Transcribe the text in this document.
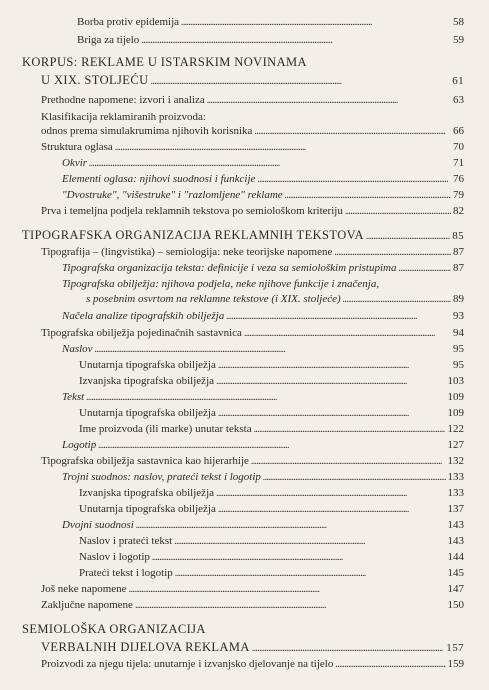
Borba protiv epidemija . . .	58
Briga za tijelo . . .	59
KORPUS: REKLAME U ISTARSKIM NOVINAMA
U XIX. STOLJEĆU . . .	61
Prethodne napomene: izvori i analiza . . .	63
Klasifikacija reklamiranih proizvoda:
odnos prema simulakrumima njihovih korisnika . . .	66
Struktura oglasa . . .	70
Okvir . . .	71
Elementi oglasa: njihovi suodnosi i funkcije . . .	76
"Dvostruke", "višestruke" i "razlomljene" reklame . . .	79
Prva i temeljna podjela reklamnih tekstova po semiološkom kriteriju . . .	82
TIPOGRAFSKA ORGANIZACIJA REKLAMNIH TEKSTOVA . . .	85
Tipografija – (lingvistika) – semiologija: neke teorijske napomene . . .	87
Tipografska organizacija teksta: definicije i veza sa semiološkim pristupima . . .	87
Tipografska obilježja: njihova podjela, neke njihove funkcije i značenja,
s posebnim osvrtom na reklamne tekstove (i XIX. stoljeće) . . .	89
Načela analize tipografskih obilježja . . .	93
Tipografska obilježja pojedinačnih sastavnica . . .	94
Naslov . . .	95
Unutarnja tipografska obilježja . . .	95
Izvanjska tipografska obilježja . . .	103
Tekst . . .	109
Unutarnja tipografska obilježja . . .	109
Ime proizvoda (ili marke) unutar teksta . . .	122
Logotip . . .	127
Tipografska obilježja sastavnica kao hijerarhije . . .	132
Trojni suodnos: naslov, prateći tekst i logotip . . .	133
Izvanjska tipografska obilježja . . .	133
Unutarnja tipografska obilježja . . .	137
Dvojni suodnosi . . .	143
Naslov i prateći tekst . . .	143
Naslov i logotip . . .	144
Prateći tekst i logotip . . .	145
Još neke napomene . . .	147
Zaključne napomene . . .	150
SEMIOLOŠKA ORGANIZACIJA
VERBALNIH DIJELOVA REKLAMA . . .	157
Proizvodi za njegu tijela: unutarnje i izvanjsko djelovanje na tijelo . . .	159
